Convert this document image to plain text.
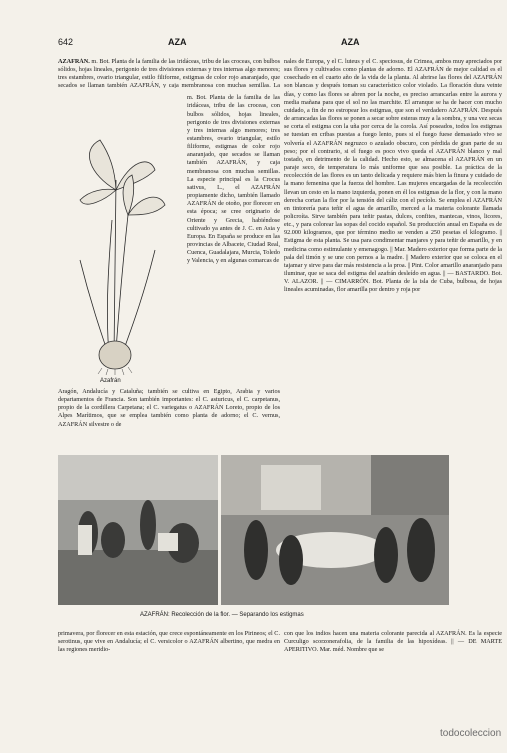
642	AZA	AZA

AZAFRÁN. m. Bot. Planta de la familia de las iridáceas, tribu de las croceas, con bulbos sólidos, hojas lineales, perigonio de tres divisiones externas y tres internas algo menores; tres estambres, ovario triangular, estilo filiforme, estigmas de color rojo anaranjado, que secados se llaman también AZAFRÁN, y caja membranosa con muchas semillas. La

m. Bot. Planta de la familia de las iridáceas, tribu de las croceas, con bulbos sólidos, hojas lineales, perigonio de tres divisiones externas y tres internas algo menores; tres estambres, ovario triangular, estilo filiforme, estigmas de color rojo anaranjado, que secados se llaman también AZAFRÁN, y caja membranosa con muchas semillas. La especie principal es la Crocus sativus, L., el AZAFRÁN propiamente dicho, también llamado AZAFRÁN de otoño, por florecer en esta época; se cree originario de Oriente y Grecia, habiéndose cultivado ya antes de J. C. en Asia y Europa. En España se produce en las provincias de Albacete, Ciudad Real, Cuenca, Guadalajara, Murcia, Toledo y Valencia, y en algunas comarcas de

Azafrán
Aragón, Andalucía y Cataluña; también se cultiva en Egipto, Arabia y varios departamentos de Francia. Son también importantes: el C. asturicus, el C. carpetanus, propio de la cordillera Carpetana; el C. variegatus o AZAFRÁN Loreto, propio de los Alpes Marítimos, que se emplea también como planta de adorno; el C. vernus, AZAFRÁN silvestre o de
nales de Europa, y el C. luteus y el C. speciosus, de Crimea, ambos muy apreciados por sus flores y cultivados como plantas de adorno. El AZAFRÁN de mejor calidad es el cosechado en el cuarto año de la vida de la planta. Al abrirse las flores del AZAFRÁN son blancas y después toman su característico color violado. La floración dura veinte días, y como las flores se abren por la noche, es preciso arrancarlas entre la aurora y media mañana para que el sol no las marchite. El arranque se ha de hacer con mucho cuidado, a fin de no estropear los estigmas, que son el verdadero AZAFRÁN. Después de arrancadas las flores se ponen a secar sobre esteras muy a la sombra, y una vez secas se corta el estigma con la uña por cerca de la corola. Así poseados, todos los estigmas se tuestan en cribas puestas a fuego lento, pues si el fuego fuese demasiado vivo se volvería el AZAFRÁN negruzco o azulado obscuro, con pérdida de gran parte de su peso; por el contrario, si el fuego es poco vivo queda el AZAFRÁN blanco y mal tostado, en detrimento de la calidad. Hecho esto, se almacena el AZAFRÁN en un paraje seco, de temperatura lo más uniforme que sea posible. La práctica de la recolección de las flores es un tanto delicada y requiere más bien la finura y cuidado de la mano femenina que la fuerza del hombre. Las mujeres encargadas de la recolección llevan un cesto en la mano izquierda, ponen en él los estigmas de la flor, y con la mano derecha cortan la flor por la tensión del cáliz con el pecíolo. Se emplea el AZAFRÁN en tintorería para teñir el agua de amarillo, merced a la materia colorante llamada policroíta. Sirve también para teñir pastas, dulces, confites, mantecas, vinos, licores, etc., y para colorear las sopas del cocido español. Su producción anual en España es de 92.000 kilogramos, que por término medio se venden a 250 pesetas el kilogramo. || Estigma de esta planta. Se usa para condimentar manjares y para teñir de amarillo, y en medicina como estimulante y emenagogo. || Mar. Madero exterior que forma parte de la pala del timón y se une con pernos a la madre. || Madero exterior que se coloca en el tajamar y sirve para dar más resistencia a la proa. || Pint. Color amarillo anaranjado para iluminar, que se saca del estigma del azafrán desleído en agua. || — BASTARDO. Bot. V. ALAZOR. || — CIMARRÓN. Bot. Planta de la isla de Cuba, bulbosa, de hojas lineales acuminadas, flor amarilla por dentro y roja por
AZAFRÁN: Recolección de la flor. — Separando los estigmas
primavera, por florecer en esta estación, que crece espontáneamente en los Pirineos; el C. serotinus, que vive en Andalucía; el C. versicolor o AZAFRÁN albertino, que medra en las regiones meridio-
con que los indios hacen una materia colorante parecida al AZAFRÁN. Es la especie Curculigo scorzonerafolia, de la familia de las hipoxídeas. || — DE MARTE APERITIVO. Mar. méd. Nombre que se
todocoleccion
